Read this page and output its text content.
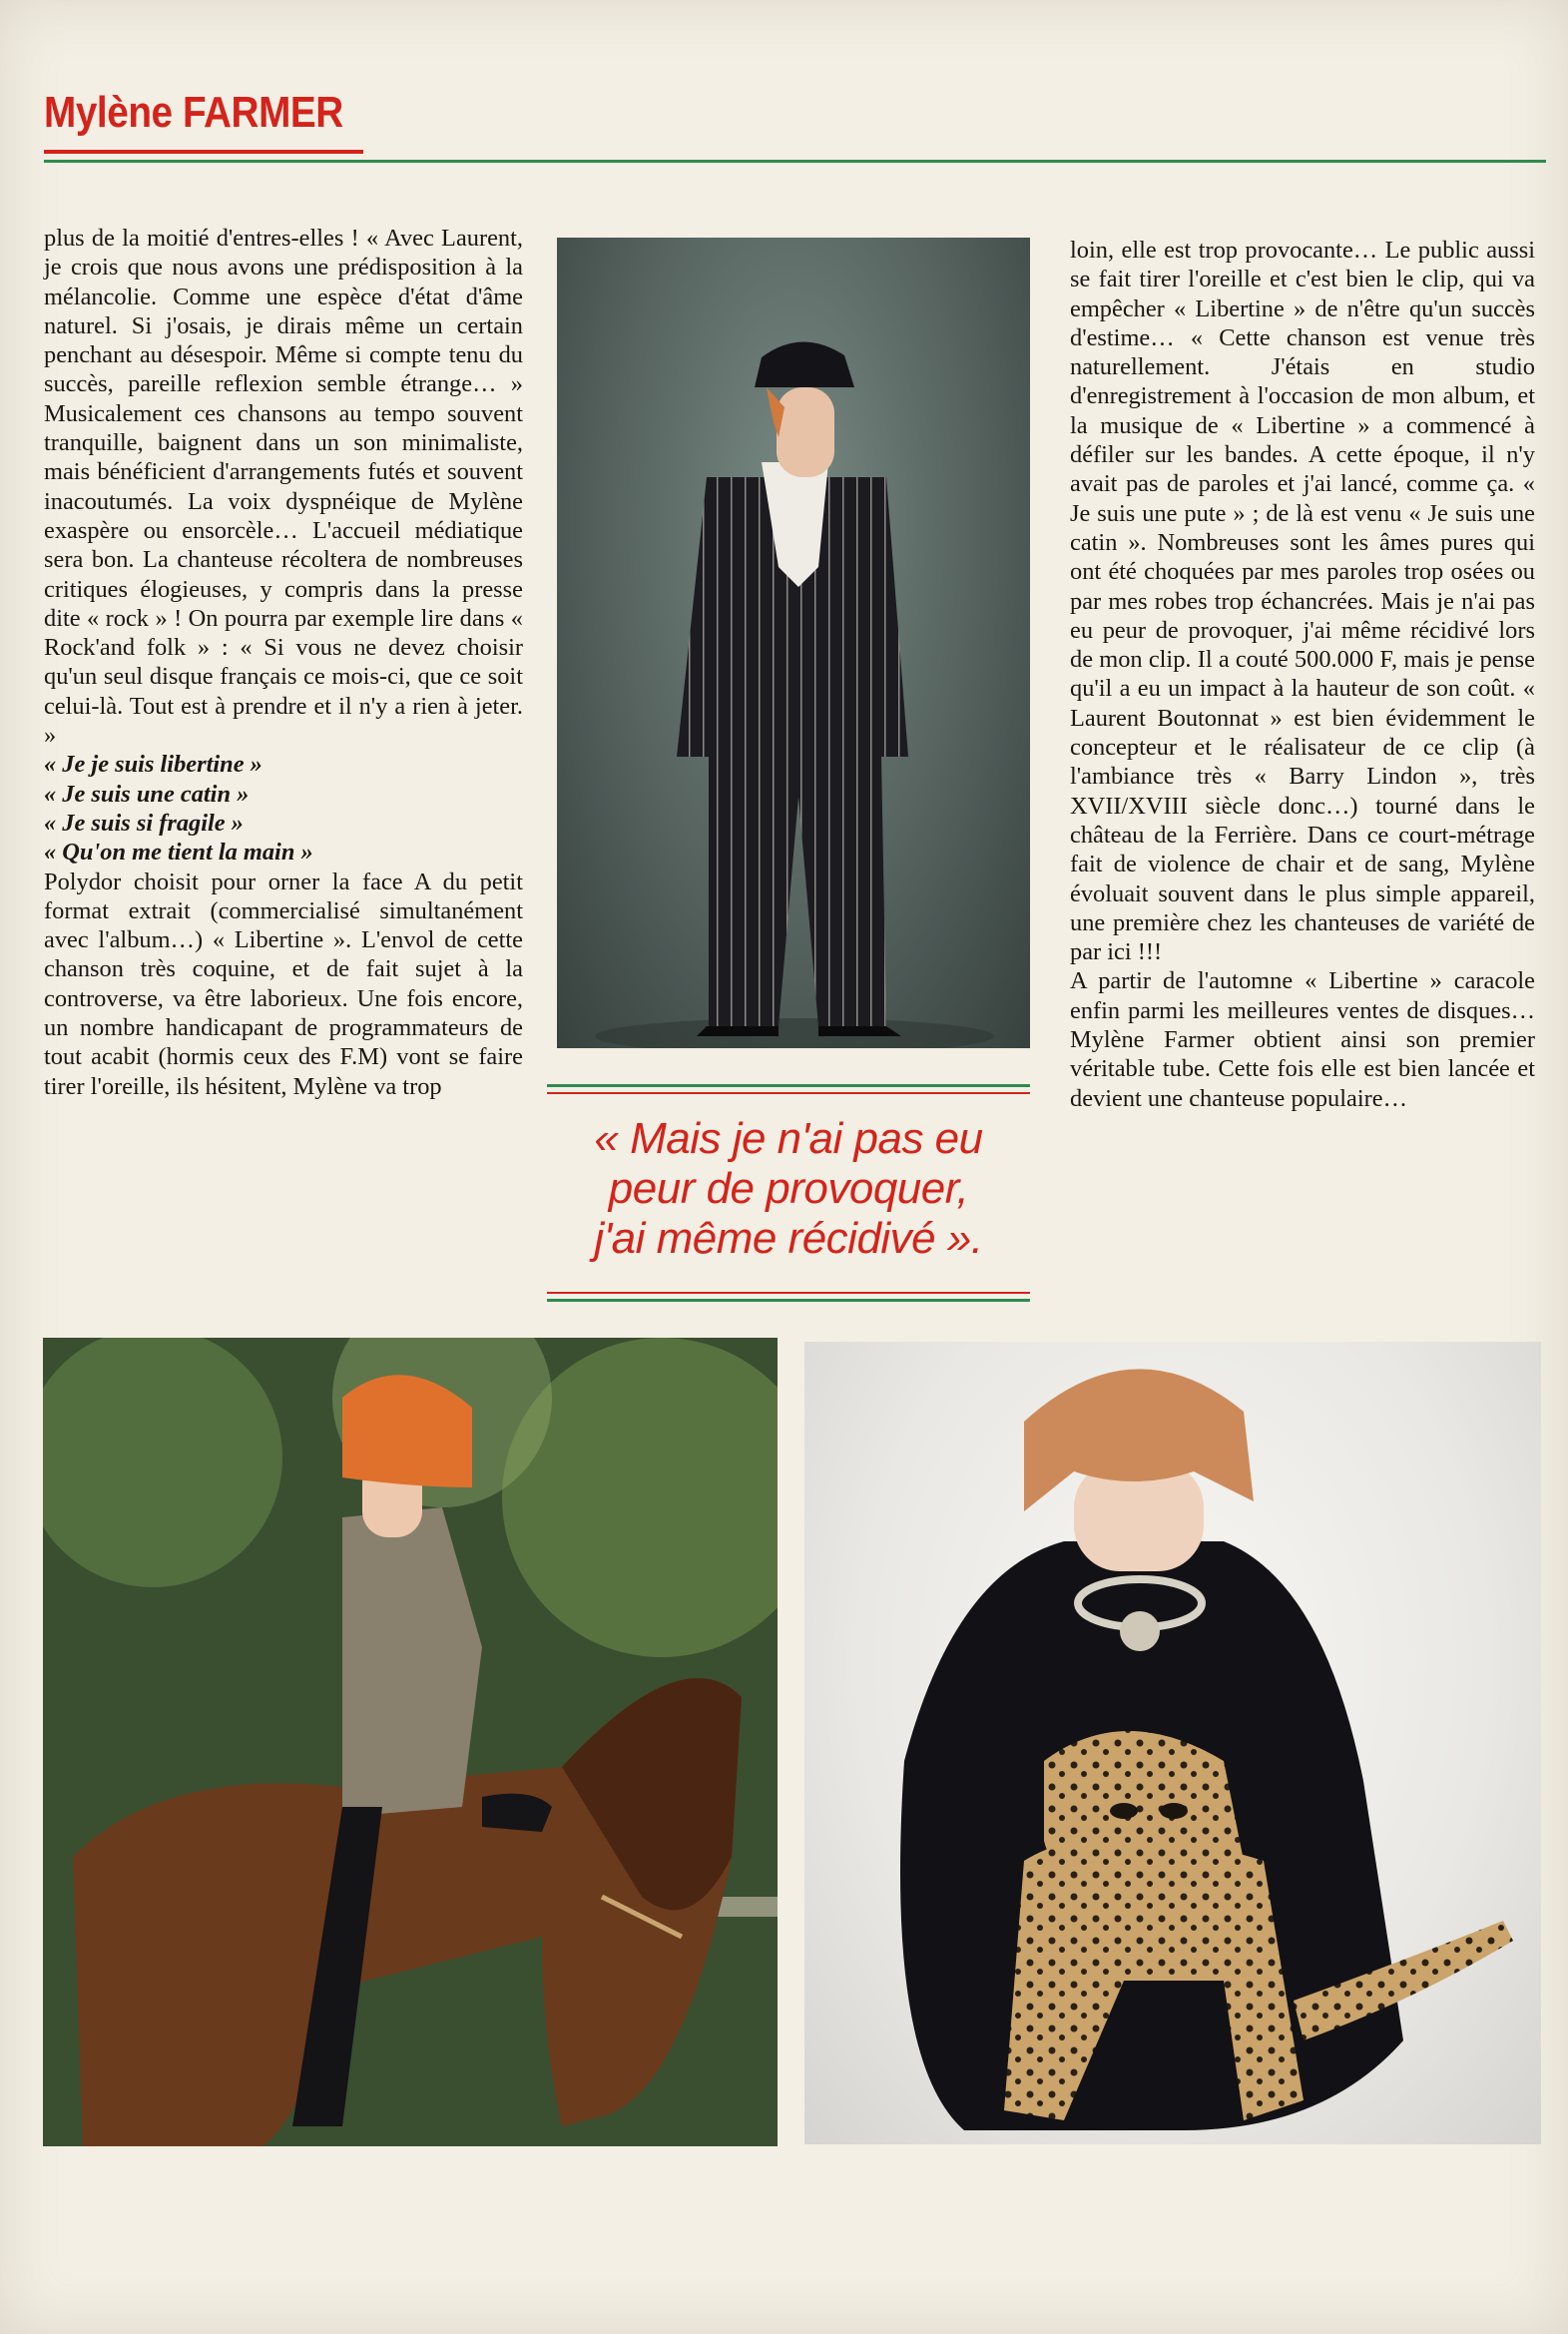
Mylène FARMER

plus de la moitié d'entres-elles ! « Avec Laurent, je crois que nous avons une prédisposition à la mélancolie. Comme une espèce d'état d'âme naturel. Si j'osais, je dirais même un certain penchant au désespoir. Même si compte tenu du succès, pareille reflexion semble étrange… » Musicalement ces chansons au tempo souvent tranquille, baignent dans un son minimaliste, mais bénéficient d'arrangements futés et souvent inacoutumés. La voix dyspnéique de Mylène exaspère ou ensorcèle… L'accueil médiatique sera bon. La chanteuse récoltera de nombreuses critiques élogieuses, y compris dans la presse dite « rock » ! On pourra par exemple lire dans « Rock'and folk » : « Si vous ne devez choisir qu'un seul disque français ce mois-ci, que ce soit celui-là. Tout est à prendre et il n'y a rien à jeter. »

« Je je suis libertine »
« Je suis une catin »
« Je suis si fragile »
« Qu'on me tient la main »

Polydor choisit pour orner la face A du petit format extrait (commercialisé simultanément avec l'album…) « Libertine ». L'envol de cette chanson très coquine, et de fait sujet à la controverse, va être laborieux. Une fois encore, un nombre handicapant de programmateurs de tout acabit (hormis ceux des F.M) vont se faire tirer l'oreille, ils hésitent, Mylène va trop

« Mais je n'ai pas eu
peur de provoquer,
j'ai même récidivé ».

loin, elle est trop provocante… Le public aussi se fait tirer l'oreille et c'est bien le clip, qui va empêcher « Libertine » de n'être qu'un succès d'estime… « Cette chanson est venue très naturellement. J'étais en studio d'enregistrement à l'occasion de mon album, et la musique de « Libertine » a commencé à défiler sur les bandes. A cette époque, il n'y avait pas de paroles et j'ai lancé, comme ça. « Je suis une pute » ; de là est venu « Je suis une catin ». Nombreuses sont les âmes pures qui ont été choquées par mes paroles trop osées ou par mes robes trop échancrées. Mais je n'ai pas eu peur de provoquer, j'ai même récidivé lors de mon clip. Il a couté 500.000 F, mais je pense qu'il a eu un impact à la hauteur de son coût. « Laurent Boutonnat » est bien évidemment le concepteur et le réalisateur de ce clip (à l'ambiance très « Barry Lindon », très XVII/XVIII siècle donc…) tourné dans le château de la Ferrière. Dans ce court-métrage fait de violence de chair et de sang, Mylène évoluait souvent dans le plus simple appareil, une première chez les chanteuses de variété de par ici !!!

A partir de l'automne « Libertine » caracole enfin parmi les meilleures ventes de disques… Mylène Farmer obtient ainsi son premier véritable tube. Cette fois elle est bien lancée et devient une chanteuse populaire…
